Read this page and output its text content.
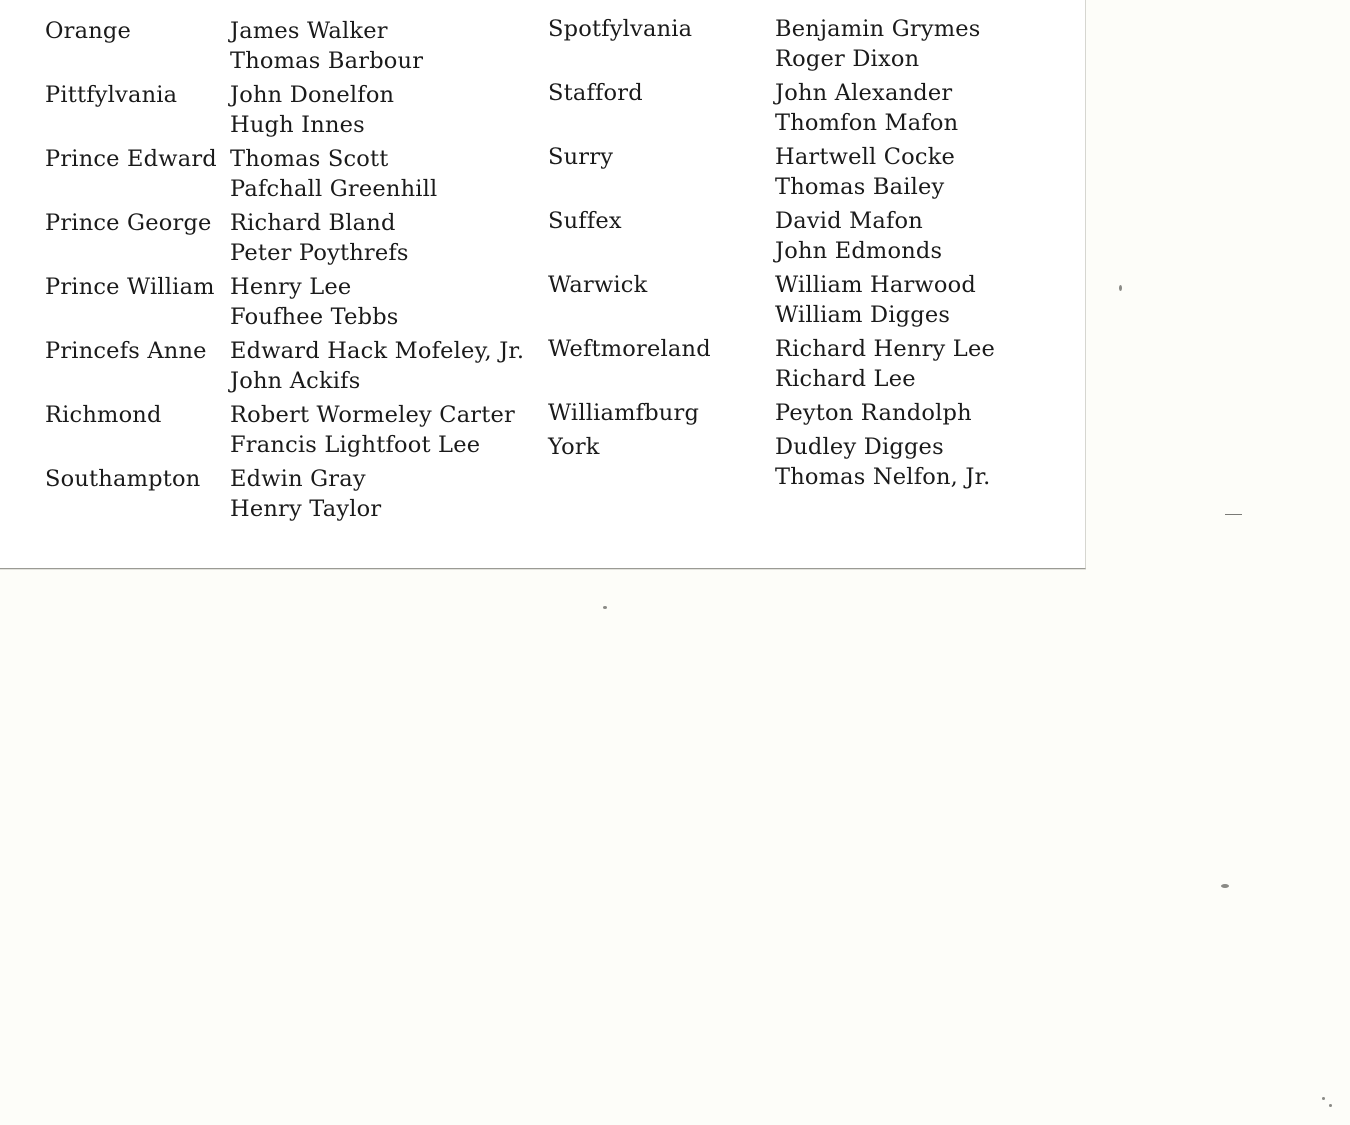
Orange
Pittfylvania
Prince Edward
Prince George
Prince William
Princefs Anne
Richmond
Southampton
James Walker
Thomas Barbour
John Donelfon
Hugh Innes
Thomas Scott
Pafchall Greenhill
Richard Bland
Peter Poythrefs
Henry Lee
Foufhee Tebbs
Edward Hack Mofeley, Jr.
John Ackifs
Robert Wormeley Carter
Francis Lightfoot Lee
Edwin Gray
Henry Taylor
Spotfylvania
Stafford
Surry
Suffex
Warwick
Weftmoreland
Williamfburg
York
Benjamin Grymes
Roger Dixon
John Alexander
Thomfon Mafon
Hartwell Cocke
Thomas Bailey
David Mafon
John Edmonds
William Harwood
William Digges
Richard Henry Lee
Richard Lee
Peyton Randolph
Dudley Digges
Thomas Nelfon, Jr.
